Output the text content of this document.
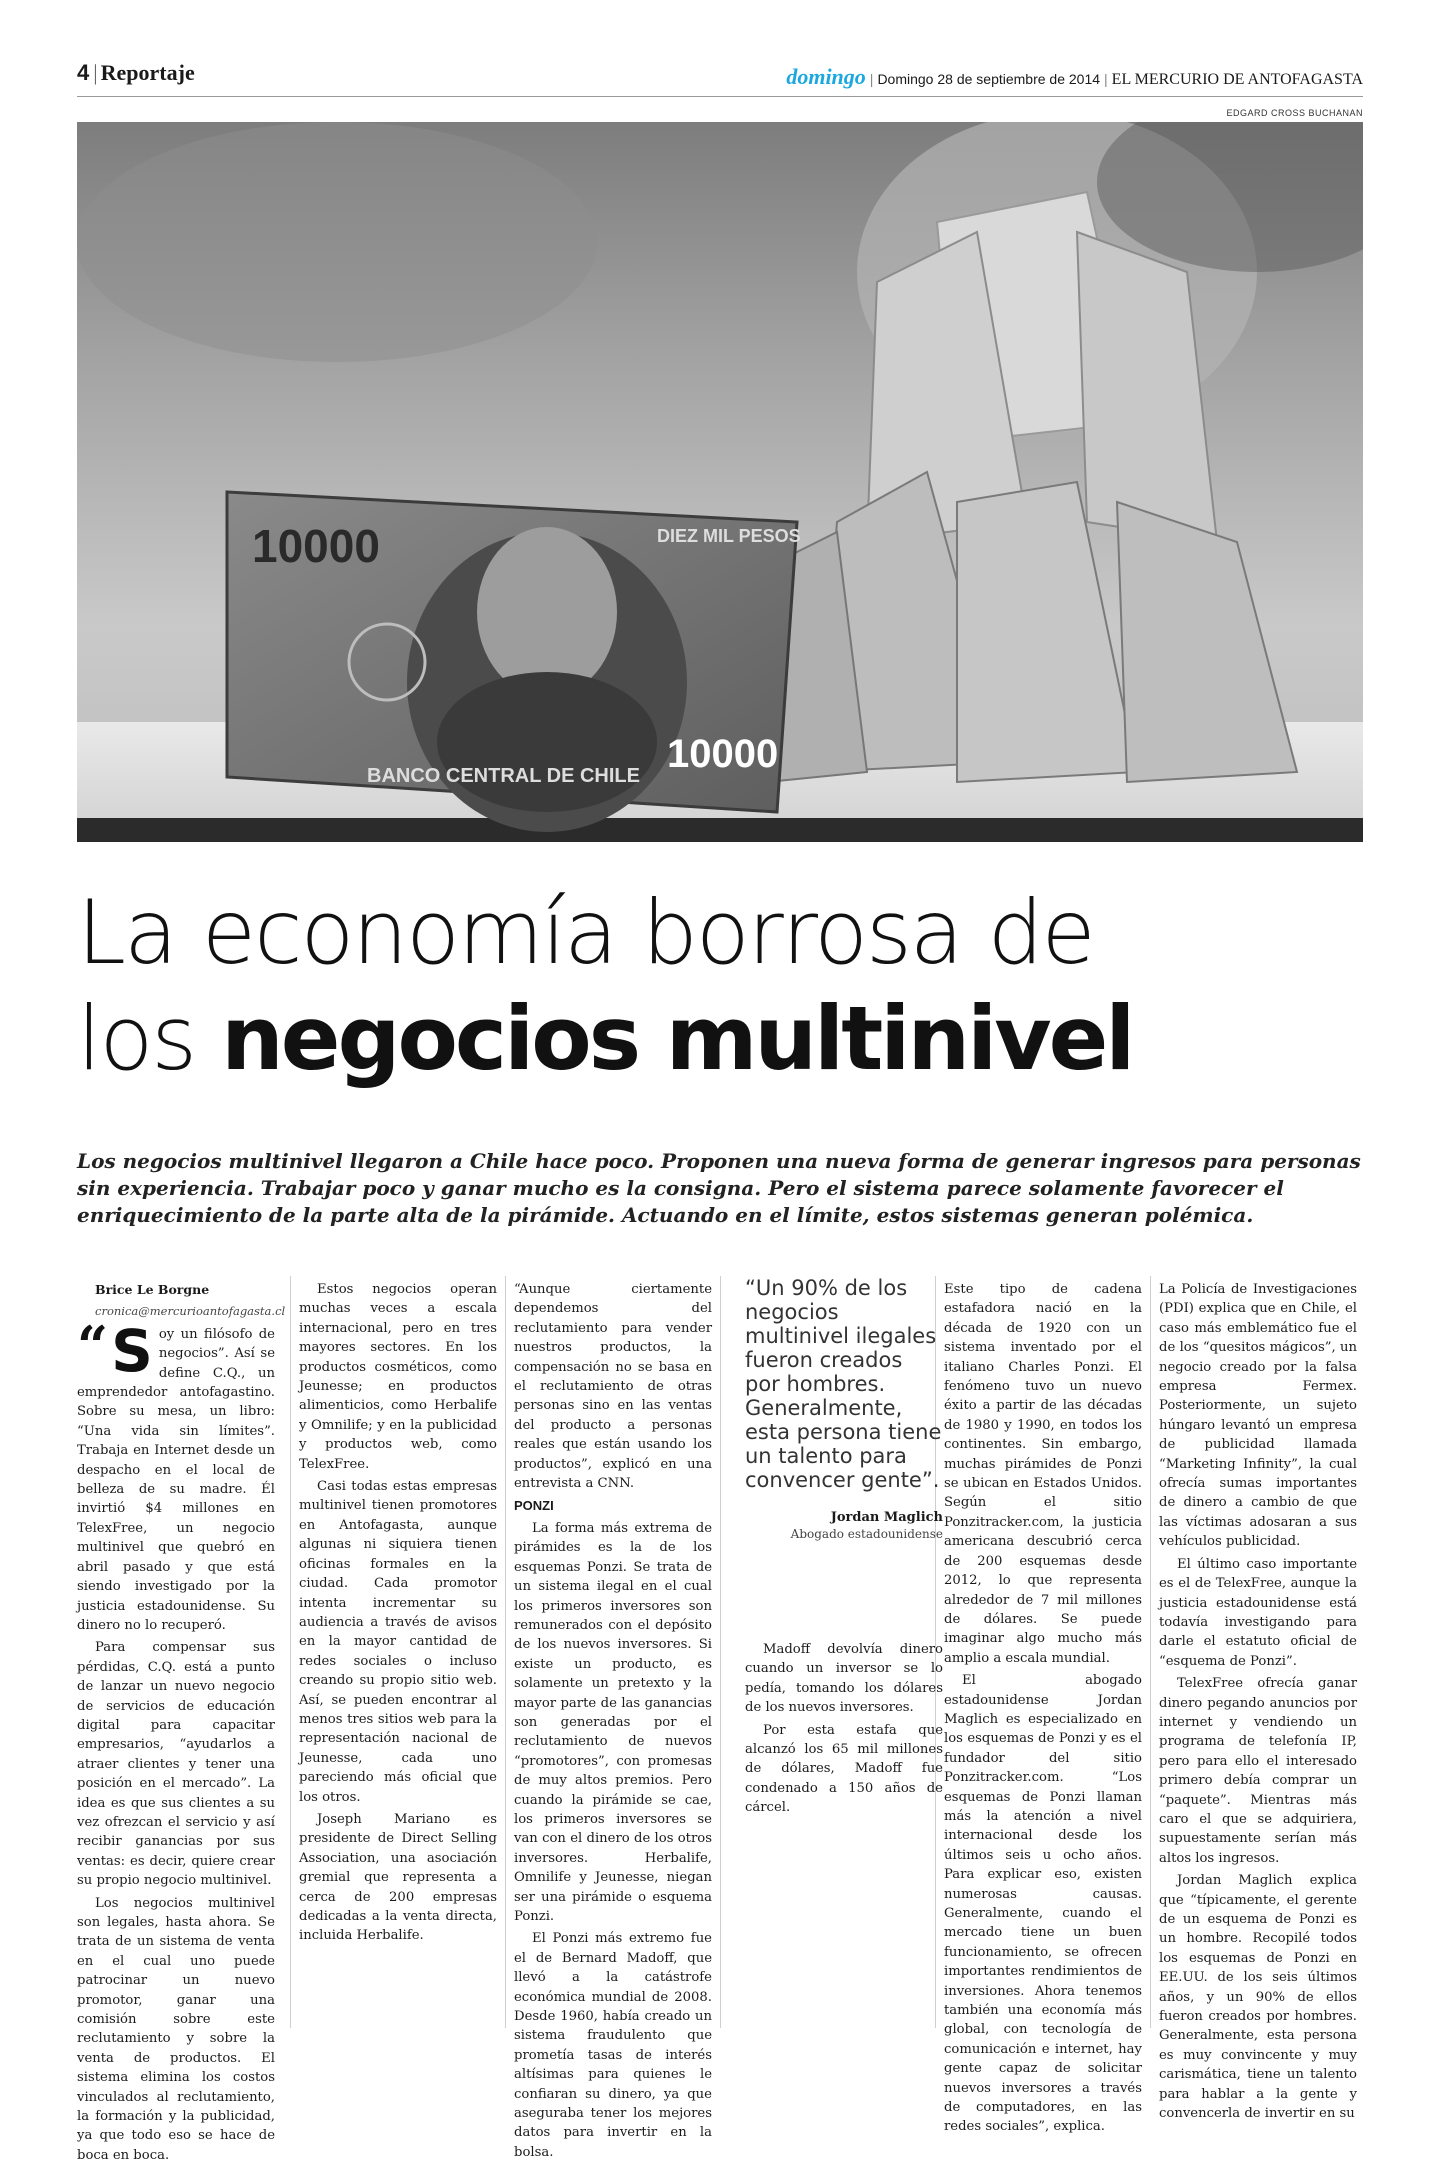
4 | Reportaje	domingo | Domingo 28 de septiembre de 2014 | EL MERCURIO DE ANTOFAGASTA
EDGARD CROSS BUCHANAN
10000
10000
DIEZ MIL PESOS
BANCO CENTRAL DE CHILE
La economía borrosa de
los negocios multinivel

Los negocios multinivel llegaron a Chile hace poco. Proponen una nueva forma de generar ingresos para personas sin experiencia. Trabajar poco y ganar mucho es la consigna. Pero el sistema parece solamente favorecer el enriquecimiento de la parte alta de la pirámide. Actuando en el límite, estos sistemas generan polémica.

Brice Le Borgne

cronica@mercurioantofagasta.cl

“ S oy un filósofo de negocios”. Así se define C.Q., un emprendedor antofagastino. Sobre su mesa, un libro: “Una vida sin límites”. Trabaja en Internet desde un despacho en el local de belleza de su madre. Él invirtió $4 millones en TelexFree, un negocio multinivel que quebró en abril pasado y que está siendo investigado por la justicia estadounidense. Su dinero no lo recuperó.

Para compensar sus pérdidas, C.Q. está a punto de lanzar un nuevo negocio de servicios de educación digital para capacitar empresarios, “ayudarlos a atraer clientes y tener una posición en el mercado”. La idea es que sus clientes a su vez ofrezcan el servicio y así recibir ganancias por sus ventas: es decir, quiere crear su propio negocio multinivel.

Los negocios multinivel son legales, hasta ahora. Se trata de un sistema de venta en el cual uno puede patrocinar un nuevo promotor, ganar una comisión sobre este reclutamiento y sobre la venta de productos. El sistema elimina los costos vinculados al reclutamiento, la formación y la publicidad, ya que todo eso se hace de boca en boca.

Estos negocios operan muchas veces a escala internacional, pero en tres mayores sectores. En los productos cosméticos, como Jeunesse; en productos alimenticios, como Herbalife y Omnilife; y en la publicidad y productos web, como TelexFree.

Casi todas estas empresas multinivel tienen promotores en Antofagasta, aunque algunas ni siquiera tienen oficinas formales en la ciudad. Cada promotor intenta incrementar su audiencia a través de avisos en la mayor cantidad de redes sociales o incluso creando su propio sitio web. Así, se pueden encontrar al menos tres sitios web para la representación nacional de Jeunesse, cada uno pareciendo más oficial que los otros.

Joseph Mariano es presidente de Direct Selling Association, una asociación gremial que representa a cerca de 200 empresas dedicadas a la venta directa, incluida Herbalife.

“Aunque ciertamente dependemos del reclutamiento para vender nuestros productos, la compensación no se basa en el reclutamiento de otras personas sino en las ventas del producto a personas reales que están usando los productos”, explicó en una entrevista a CNN.

PONZI

La forma más extrema de pirámides es la de los esquemas Ponzi. Se trata de un sistema ilegal en el cual los primeros inversores son remunerados con el depósito de los nuevos inversores. Si existe un producto, es solamente un pretexto y la mayor parte de las ganancias son generadas por el reclutamiento de nuevos “promotores”, con promesas de muy altos premios. Pero cuando la pirámide se cae, los primeros inversores se van con el dinero de los otros inversores. Herbalife, Omnilife y Jeunesse, niegan ser una pirámide o esquema Ponzi.

El Ponzi más extremo fue el de Bernard Madoff, que llevó a la catástrofe económica mundial de 2008. Desde 1960, había creado un sistema fraudulento que prometía tasas de interés altísimas para quienes le confiaran su dinero, ya que aseguraba tener los mejores datos para invertir en la bolsa.

“Un 90% de los negocios multinivel ilegales fueron creados por hombres. Generalmente, esta persona tiene un talento para convencer gente”.

Jordan Maglich

Abogado estadounidense

Madoff devolvía dinero cuando un inversor se lo pedía, tomando los dólares de los nuevos inversores.

Por esta estafa que alcanzó los 65 mil millones de dólares, Madoff fue condenado a 150 años de cárcel.

Este tipo de cadena estafadora nació en la década de 1920 con un sistema inventado por el italiano Charles Ponzi. El fenómeno tuvo un nuevo éxito a partir de las décadas de 1980 y 1990, en todos los continentes. Sin embargo, muchas pirámides de Ponzi se ubican en Estados Unidos. Según el sitio Ponzitracker.com, la justicia americana descubrió cerca de 200 esquemas desde 2012, lo que representa alrededor de 7 mil millones de dólares. Se puede imaginar algo mucho más amplio a escala mundial.

El abogado estadounidense Jordan Maglich es especializado en los esquemas de Ponzi y es el fundador del sitio Ponzitracker.com. “Los esquemas de Ponzi llaman más la atención a nivel internacional desde los últimos seis u ocho años. Para explicar eso, existen numerosas causas. Generalmente, cuando el mercado tiene un buen funcionamiento, se ofrecen importantes rendimientos de inversiones. Ahora tenemos también una economía más global, con tecnología de comunicación e internet, hay gente capaz de solicitar nuevos inversores a través de computadores, en las redes sociales”, explica.

La Policía de Investigaciones (PDI) explica que en Chile, el caso más emblemático fue el de los “quesitos mágicos”, un negocio creado por la falsa empresa Fermex. Posteriormente, un sujeto húngaro levantó un empresa de publicidad llamada “Marketing Infinity”, la cual ofrecía sumas importantes de dinero a cambio de que las víctimas adosaran a sus vehículos publicidad.

El último caso importante es el de TelexFree, aunque la justicia estadounidense está todavía investigando para darle el estatuto oficial de “esquema de Ponzi”.

TelexFree ofrecía ganar dinero pegando anuncios por internet y vendiendo un programa de telefonía IP, pero para ello el interesado primero debía comprar un “paquete”. Mientras más caro el que se adquiriera, supuestamente serían más altos los ingresos.

Jordan Maglich explica que “típicamente, el gerente de un esquema de Ponzi es un hombre. Recopilé todos los esquemas de Ponzi en EE.UU. de los seis últimos años, y un 90% de ellos fueron creados por hombres. Generalmente, esta persona es muy convincente y muy carismática, tiene un talento para hablar a la gente y convencerla de invertir en su
